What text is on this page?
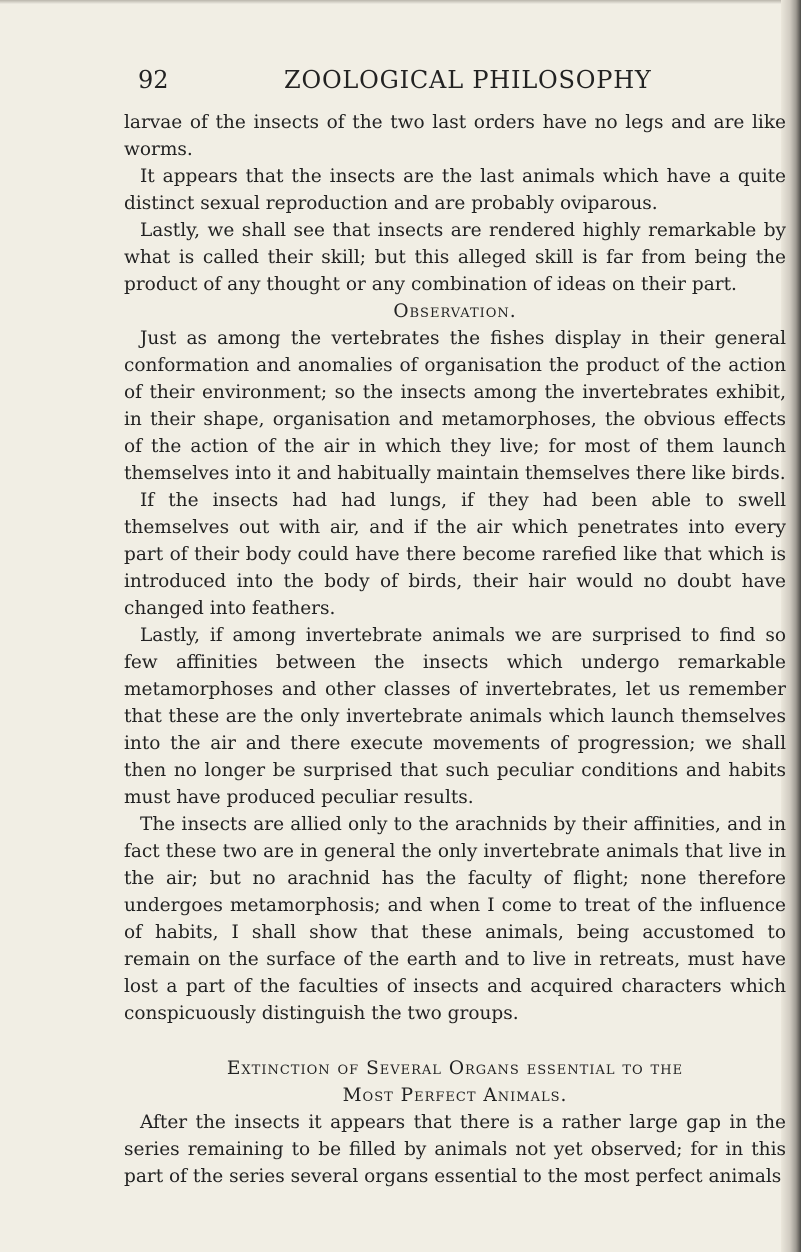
92	ZOOLOGICAL PHILOSOPHY

larvae of the insects of the two last orders have no legs and are like worms.

It appears that the insects are the last animals which have a quite distinct sexual reproduction and are probably oviparous.

Lastly, we shall see that insects are rendered highly remarkable by what is called their skill; but this alleged skill is far from being the product of any thought or any combination of ideas on their part.

Observation.

Just as among the vertebrates the fishes display in their general conformation and anomalies of organisation the product of the action of their environment; so the insects among the invertebrates exhibit, in their shape, organisation and metamorphoses, the obvious effects of the action of the air in which they live; for most of them launch themselves into it and habitually maintain themselves there like birds.

If the insects had had lungs, if they had been able to swell themselves out with air, and if the air which penetrates into every part of their body could have there become rarefied like that which is introduced into the body of birds, their hair would no doubt have changed into feathers.

Lastly, if among invertebrate animals we are surprised to find so few affinities between the insects which undergo remarkable metamorphoses and other classes of invertebrates, let us remember that these are the only invertebrate animals which launch themselves into the air and there execute movements of progression; we shall then no longer be surprised that such peculiar conditions and habits must have produced peculiar results.

The insects are allied only to the arachnids by their affinities, and in fact these two are in general the only invertebrate animals that live in the air; but no arachnid has the faculty of flight; none therefore undergoes metamorphosis; and when I come to treat of the influence of habits, I shall show that these animals, being accustomed to remain on the surface of the earth and to live in retreats, must have lost a part of the faculties of insects and acquired characters which conspicuously distinguish the two groups.

Extinction of Several Organs essential to the
Most Perfect Animals.

After the insects it appears that there is a rather large gap in the series remaining to be filled by animals not yet observed; for in this part of the series several organs essential to the most perfect animals
